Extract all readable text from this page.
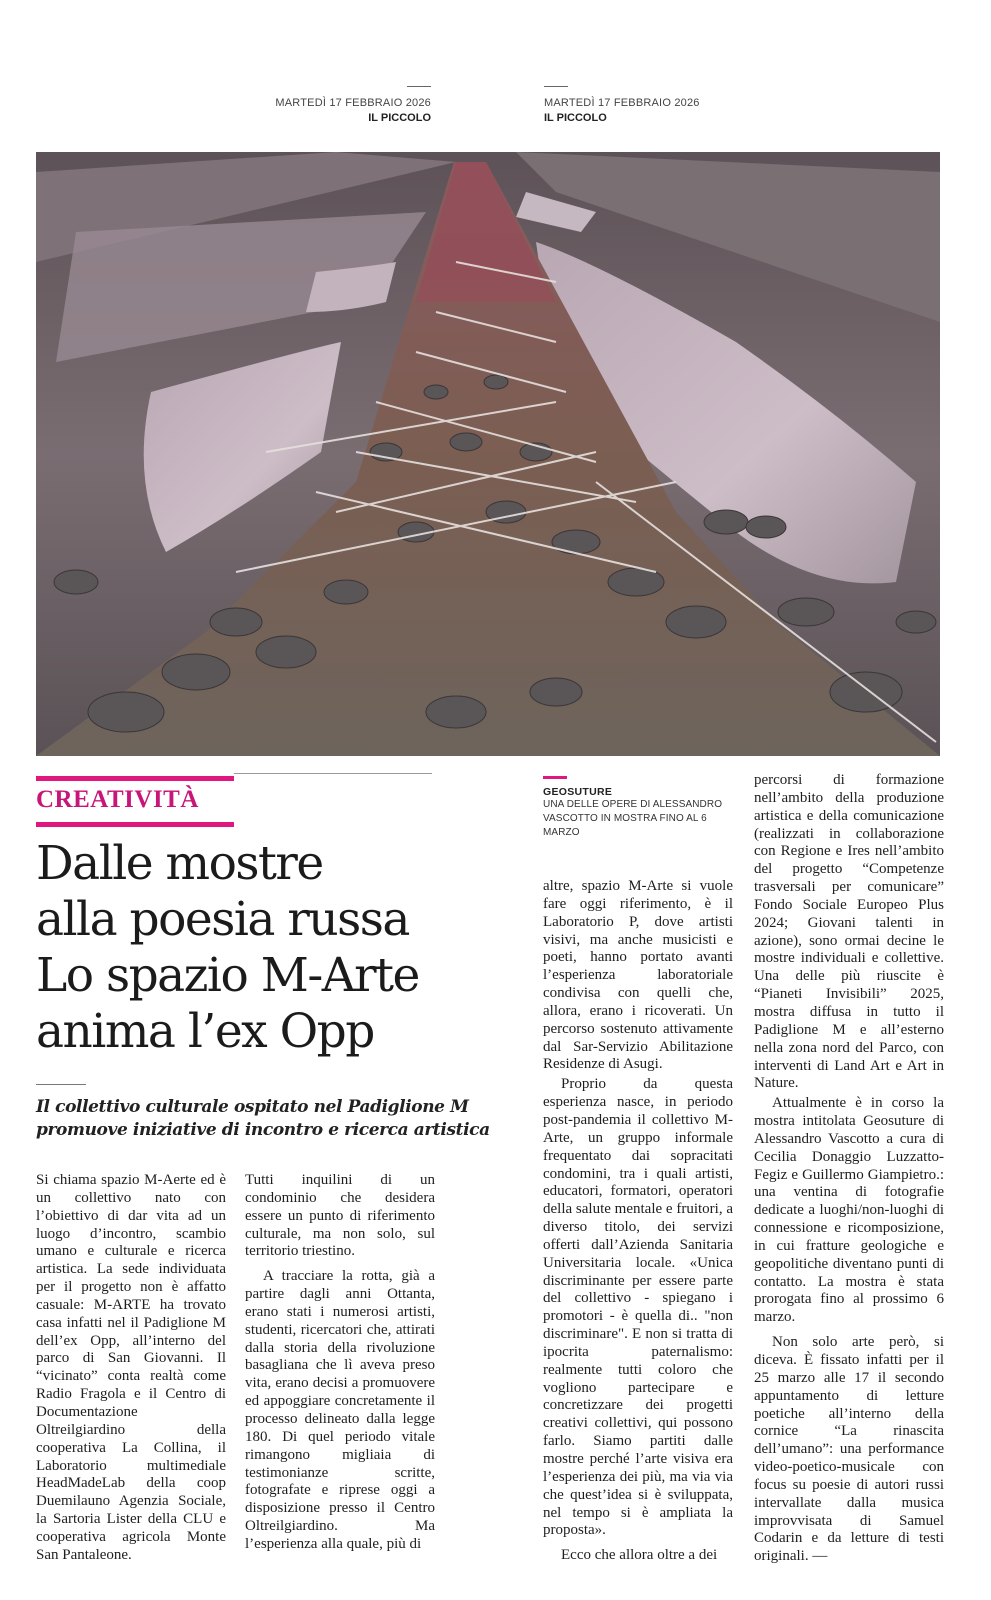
MARTEDÌ 17 FEBBRAIO 2026
IL PICCOLO
MARTEDÌ 17 FEBBRAIO 2026
IL PICCOLO
CREATIVITÀ
Dalle mostre
alla poesia russa
Lo spazio M-Arte
anima l’ex Opp
Il collettivo culturale ospitato nel Padiglione M
promuove iniziative di incontro e ricerca artistica
GEOSUTURE
UNA DELLE OPERE DI ALESSANDRO
VASCOTTO IN MOSTRA FINO AL 6 MARZO

Si chiama spazio M-Aerte ed è un collettivo nato con l’obiettivo di dar vita ad un luogo d’incontro, scambio umano e culturale e ricerca artistica. La sede individuata per il progetto non è affatto casuale: M-ARTE ha trovato casa infatti nel il Padiglione M dell’ex Opp, all’interno del parco di San Giovanni. Il “vicinato” conta realtà come Radio Fragola e il Centro di Documentazione Oltreilgiardino della cooperativa La Collina, il Laboratorio multimediale HeadMadeLab della coop Duemilauno Agenzia Sociale, la Sartoria Lister della CLU e cooperativa agricola Monte San Pantaleone.

Tutti inquilini di un condominio che desidera essere un punto di riferimento culturale, ma non solo, sul territorio triestino.

A tracciare la rotta, già a partire dagli anni Ottanta, erano stati i numerosi artisti, studenti, ricercatori che, attirati dalla storia della rivoluzione basagliana che lì aveva preso vita, erano decisi a promuovere ed appoggiare concretamente il processo delineato dalla legge 180. Di quel periodo vitale rimangono migliaia di testimonianze scritte, fotografate e riprese oggi a disposizione presso il Centro Oltreilgiardino. Ma l’esperienza alla quale, più di

altre, spazio M-Arte si vuole fare oggi riferimento, è il Laboratorio P, dove artisti visivi, ma anche musicisti e poeti, hanno portato avanti l’esperienza laboratoriale condivisa con quelli che, allora, erano i ricoverati. Un percorso sostenuto attivamente dal Sar-Servizio Abilitazione Residenze di Asugi.

Proprio da questa esperienza nasce, in periodo post-pandemia il collettivo M-Arte, un gruppo informale frequentato dai sopracitati condomini, tra i quali artisti, educatori, formatori, operatori della salute mentale e fruitori, a diverso titolo, dei servizi offerti dall’Azienda Sanitaria Universitaria locale. «Unica discriminante per essere parte del collettivo - spiegano i promotori - è quella di.. "non discriminare". E non si tratta di ipocrita paternalismo: realmente tutti coloro che vogliono partecipare e concretizzare dei progetti creativi collettivi, qui possono farlo. Siamo partiti dalle mostre perché l’arte visiva era l’esperienza dei più, ma via via che quest’idea si è sviluppata, nel tempo si è ampliata la proposta».

Ecco che allora oltre a dei

percorsi di formazione nell’ambito della produzione artistica e della comunicazione (realizzati in collaborazione con Regione e Ires nell’ambito del progetto “Competenze trasversali per comunicare” Fondo Sociale Europeo Plus 2024; Giovani talenti in azione), sono ormai decine le mostre individuali e collettive. Una delle più riuscite è “Pianeti Invisibili” 2025, mostra diffusa in tutto il Padiglione M e all’esterno nella zona nord del Parco, con interventi di Land Art e Art in Nature.

Attualmente è in corso la mostra intitolata Geosuture di Alessandro Vascotto a cura di Cecilia Donaggio Luzzatto-Fegiz e Guillermo Giampietro.: una ventina di fotografie dedicate a luoghi/non-luoghi di connessione e ricomposizione, in cui fratture geologiche e geopolitiche diventano punti di contatto. La mostra è stata prorogata fino al prossimo 6 marzo.

Non solo arte però, si diceva. È fissato infatti per il 25 marzo alle 17 il secondo appuntamento di letture poetiche all’interno della cornice “La rinascita dell’umano”: una performance video-poetico-musicale con focus su poesie di autori russi intervallate dalla musica improvvisata di Samuel Codarin e da letture di testi originali. —
